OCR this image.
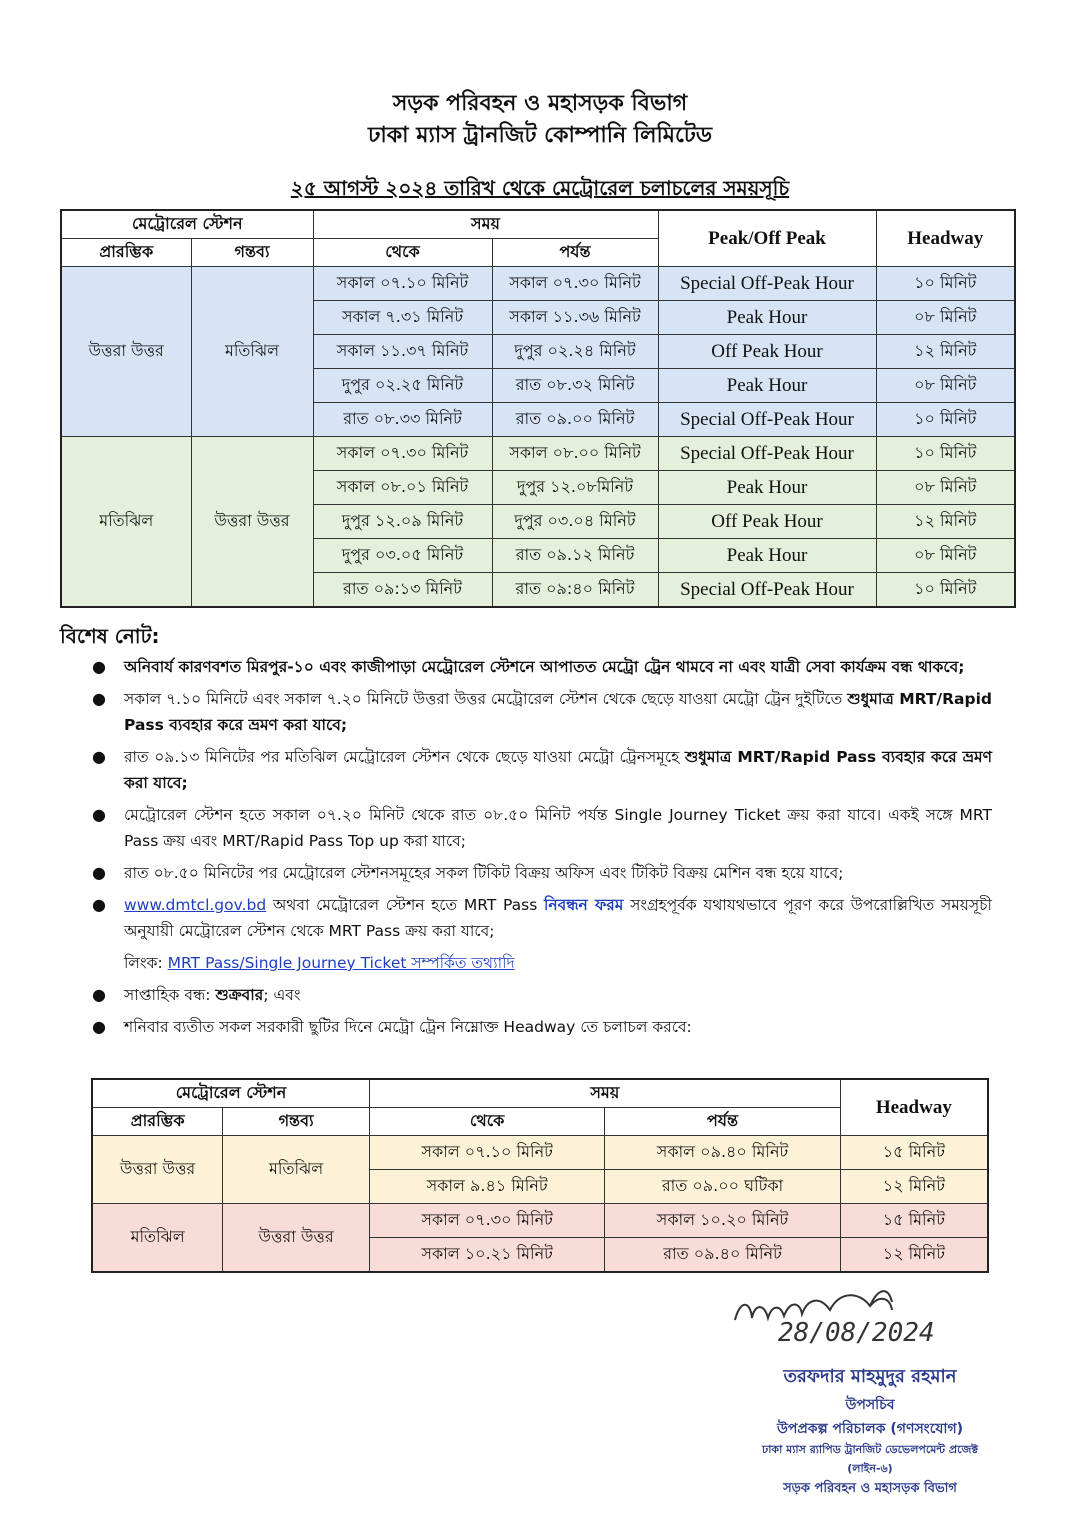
সড়ক পরিবহন ও মহাসড়ক বিভাগ
ঢাকা ম্যাস ট্রানজিট কোম্পানি লিমিটেড
২৫ আগস্ট ২০২৪ তারিখ থেকে মেট্রোরেল চলাচলের সময়সূচি
মেট্রোরেল স্টেশন		সময়		Peak/Off Peak	Headway
প্রারম্ভিক	গন্তব্য	থেকে	পর্যন্ত		
উত্তরা উত্তর	মতিঝিল	সকাল ০৭.১০ মিনিট	সকাল ০৭.৩০ মিনিট	Special Off-Peak Hour	১০ মিনিট
		সকাল ৭.৩১ মিনিট	সকাল ১১.৩৬ মিনিট	Peak Hour	০৮ মিনিট
		সকাল ১১.৩৭ মিনিট	দুপুর ০২.২৪ মিনিট	Off Peak Hour	১২ মিনিট
		দুপুর ০২.২৫ মিনিট	রাত ০৮.৩২ মিনিট	Peak Hour	০৮ মিনিট
		রাত ০৮.৩৩ মিনিট	রাত ০৯.০০ মিনিট	Special Off-Peak Hour	১০ মিনিট
মতিঝিল	উত্তরা উত্তর	সকাল ০৭.৩০ মিনিট	সকাল ০৮.০০ মিনিট	Special Off-Peak Hour	১০ মিনিট
		সকাল ০৮.০১ মিনিট	দুপুর ১২.০৮মিনিট	Peak Hour	০৮ মিনিট
		দুপুর ১২.০৯ মিনিট	দুপুর ০৩.০৪ মিনিট	Off Peak Hour	১২ মিনিট
		দুপুর ০৩.০৫ মিনিট	রাত ০৯.১২ মিনিট	Peak Hour	০৮ মিনিট
		রাত ০৯:১৩ মিনিট	রাত ০৯:৪০ মিনিট	Special Off-Peak Hour	১০ মিনিট
বিশেষ নোট:
● অনিবার্য কারণবশত মিরপুর-১০ এবং কাজীপাড়া মেট্রোরেল স্টেশনে আপাতত মেট্রো ট্রেন থামবে না এবং যাত্রী সেবা কার্যক্রম বন্ধ থাকবে;
● সকাল ৭.১০ মিনিটে এবং সকাল ৭.২০ মিনিটে উত্তরা উত্তর মেট্রোরেল স্টেশন থেকে ছেড়ে যাওয়া মেট্রো ট্রেন দুইটিতে শুধুমাত্র MRT/Rapid Pass ব্যবহার করে ভ্রমণ করা যাবে;
● রাত ০৯.১৩ মিনিটের পর মতিঝিল মেট্রোরেল স্টেশন থেকে ছেড়ে যাওয়া মেট্রো ট্রেনসমূহে শুধুমাত্র MRT/Rapid Pass ব্যবহার করে ভ্রমণ করা যাবে;
● মেট্রোরেল স্টেশন হতে সকাল ০৭.২০ মিনিট থেকে রাত ০৮.৫০ মিনিট পর্যন্ত Single Journey Ticket ক্রয় করা যাবে। একই সঙ্গে MRT Pass ক্রয় এবং MRT/Rapid Pass Top up করা যাবে;
● রাত ০৮.৫০ মিনিটের পর মেট্রোরেল স্টেশনসমূহের সকল টিকিট বিক্রয় অফিস এবং টিকিট বিক্রয় মেশিন বন্ধ হয়ে যাবে;
● www.dmtcl.gov.bd অথবা মেট্রোরেল স্টেশন হতে MRT Pass নিবন্ধন ফরম সংগ্রহপূর্বক যথাযথভাবে পূরণ করে উপরোল্লিখিত সময়সূচী অনুযায়ী মেট্রোরেল স্টেশন থেকে MRT Pass ক্রয় করা যাবে;
লিংক: MRT Pass/Single Journey Ticket সম্পর্কিত তথ্যাদি
● সাপ্তাহিক বন্ধ: শুক্রবার; এবং
● শনিবার ব্যতীত সকল সরকারী ছুটির দিনে মেট্রো ট্রেন নিম্নোক্ত Headway তে চলাচল করবে:
মেট্রোরেল স্টেশন		সময়		Headway
প্রারম্ভিক	গন্তব্য	থেকে	পর্যন্ত	
উত্তরা উত্তর	মতিঝিল	সকাল ০৭.১০ মিনিট	সকাল ০৯.৪০ মিনিট	১৫ মিনিট
		সকাল ৯.৪১ মিনিট	রাত ০৯.০০ ঘটিকা	১২ মিনিট
মতিঝিল	উত্তরা উত্তর	সকাল ০৭.৩০ মিনিট	সকাল ১০.২০ মিনিট	১৫ মিনিট
		সকাল ১০.২১ মিনিট	রাত ০৯.৪০ মিনিট	১২ মিনিট
28/08/2024
তরফদার মাহমুদুর রহমান
উপসচিব
উপপ্রকল্প পরিচালক (গণসংযোগ)
ঢাকা ম্যাস র‍্যাপিড ট্রানজিট ডেভেলপমেন্ট প্রজেক্ট (লাইন-৬)
সড়ক পরিবহন ও মহাসড়ক বিভাগ
